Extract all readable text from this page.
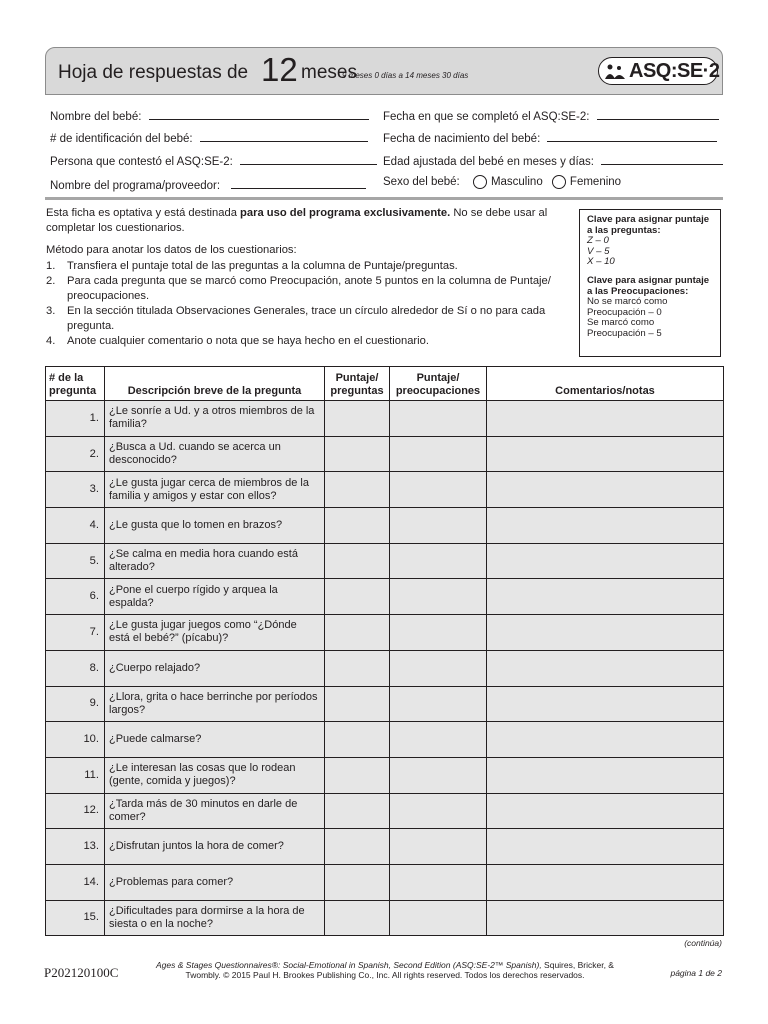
Hoja de respuestas de 12 meses
9 meses 0 días a 14 meses 30 días	ASQ:SE·2
Nombre del bebé:
# de identificación del bebé:
Persona que contestó el ASQ:SE-2:
Nombre del programa/proveedor:
Fecha en que se completó el ASQ:SE-2:
Fecha de nacimiento del bebé:
Edad ajustada del bebé en meses y días:
Sexo del bebé:	Masculino Femenino

Esta ficha es optativa y está destinada para uso del programa exclusivamente. No se debe usar al completar los cuestionarios.

Método para anotar los datos de los cuestionarios:

1. Transfiera el puntaje total de las preguntas a la columna de Puntaje/preguntas.
2. Para cada pregunta que se marcó como Preocupación, anote 5 puntos en la columna de Puntaje/ preocupaciones.
3. En la sección titulada Observaciones Generales, trace un círculo alrededor de Sí o no para cada pregunta.
4. Anote cualquier comentario o nota que se haya hecho en el cuestionario.
Clave para asignar puntaje a las preguntas:
Z – 0
V – 5
X – 10
Clave para asignar puntaje a las Preocupaciones:
No se marcó como
Preocupación – 0
Se marcó como
Preocupación – 5
# de la pregunta	Descripción breve de la pregunta	Puntaje/ preguntas	Puntaje/ preocupaciones	Comentarios/notas
1.	¿Le sonríe a Ud. y a otros miembros de la familia?			
2.	¿Busca a Ud. cuando se acerca un desconocido?			
3.	¿Le gusta jugar cerca de miembros de la familia y amigos y estar con ellos?			
4.	¿Le gusta que lo tomen en brazos?			
5.	¿Se calma en media hora cuando está alterado?			
6.	¿Pone el cuerpo rígido y arquea la espalda?			
7.	¿Le gusta jugar juegos como “¿Dónde está el bebé?” (pícabu)?			
8.	¿Cuerpo relajado?			
9.	¿Llora, grita o hace berrinche por períodos largos?			
10.	¿Puede calmarse?			
11.	¿Le interesan las cosas que lo rodean (gente, comida y juegos)?			
12.	¿Tarda más de 30 minutos en darle de comer?			
13.	¿Disfrutan juntos la hora de comer?			
14.	¿Problemas para comer?			
15.	¿Dificultades para dormirse a la hora de siesta o en la noche?			
(continúa)
P202120100C	Ages & Stages Questionnaires®: Social-Emotional in Spanish, Second Edition (ASQ:SE-2™ Spanish), Squires, Bricker, & Twombly. © 2015 Paul H. Brookes Publishing Co., Inc. All rights reserved. Todos los derechos reservados.	página 1 de 2
